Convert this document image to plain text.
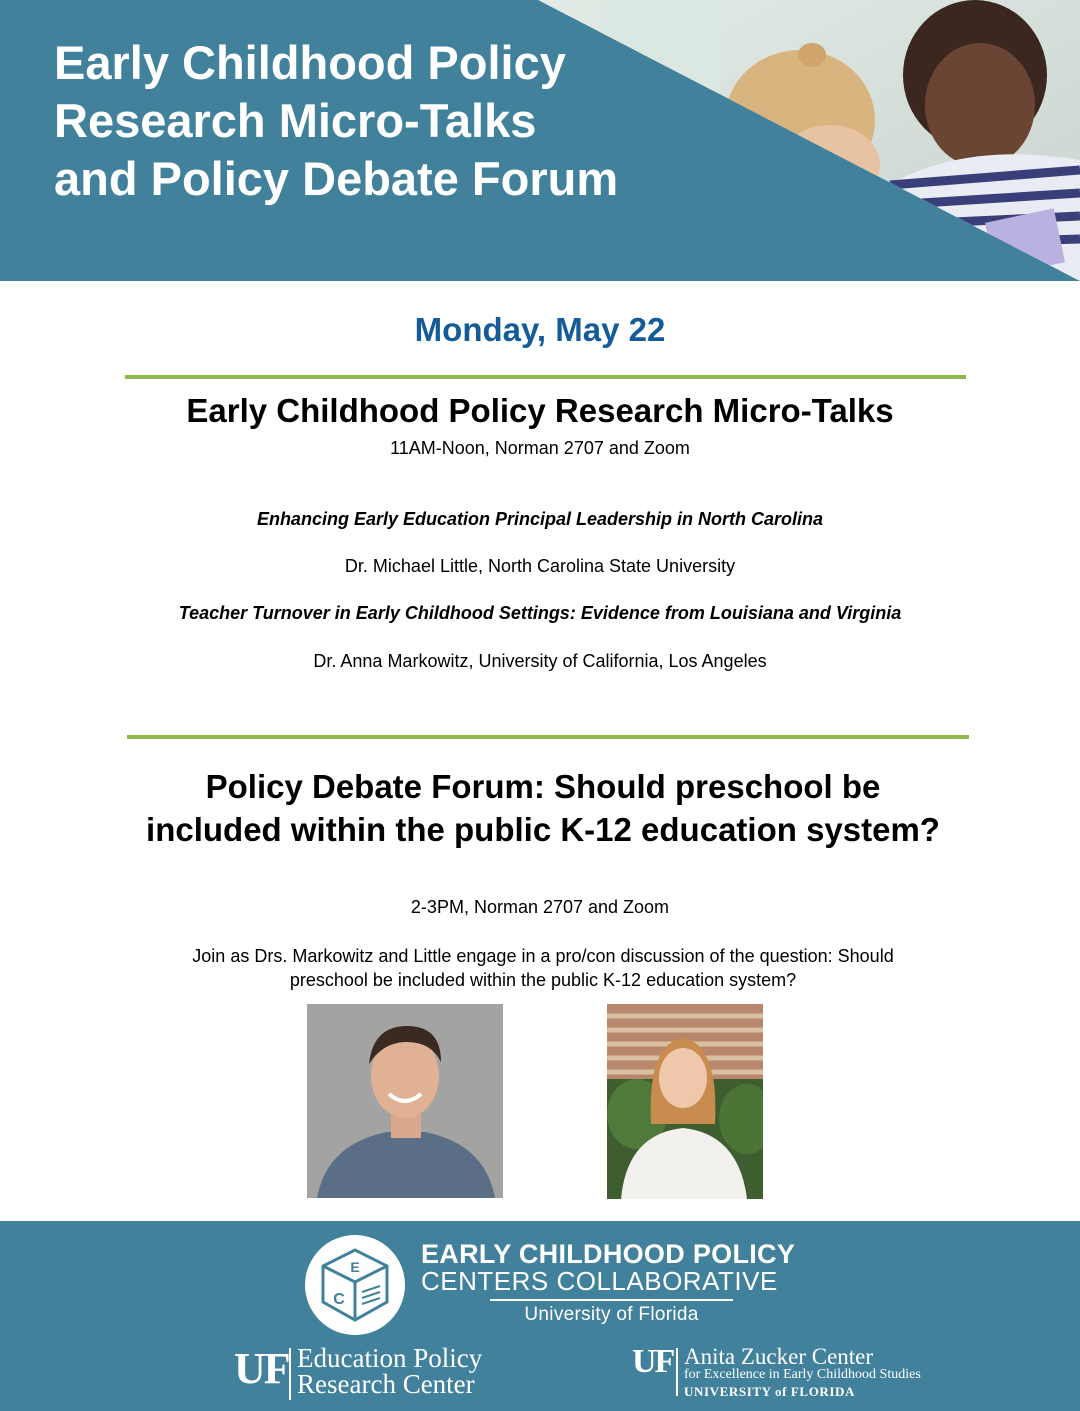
Early Childhood Policy
Research Micro-Talks
and Policy Debate Forum
Monday, May 22
Early Childhood Policy Research Micro-Talks
11AM-Noon, Norman 2707 and Zoom
Enhancing Early Education Principal Leadership in North Carolina
Dr. Michael Little, North Carolina State University
Teacher Turnover in Early Childhood Settings: Evidence from Louisiana and Virginia
Dr. Anna Markowitz, University of California, Los Angeles
Policy Debate Forum: Should preschool be included within the public K-12 education system?
2-3PM, Norman 2707 and Zoom
Join as Drs. Markowitz and Little engage in a pro/con discussion of the question: Should preschool be included within the public K-12 education system?
E
C
EARLY CHILDHOOD POLICY
CENTERS COLLABORATIVE
University of Florida
UF Education Policy
Research Center
UF Anita Zucker Center
for Excellence in Early Childhood Studies
UNIVERSITY of FLORIDA
